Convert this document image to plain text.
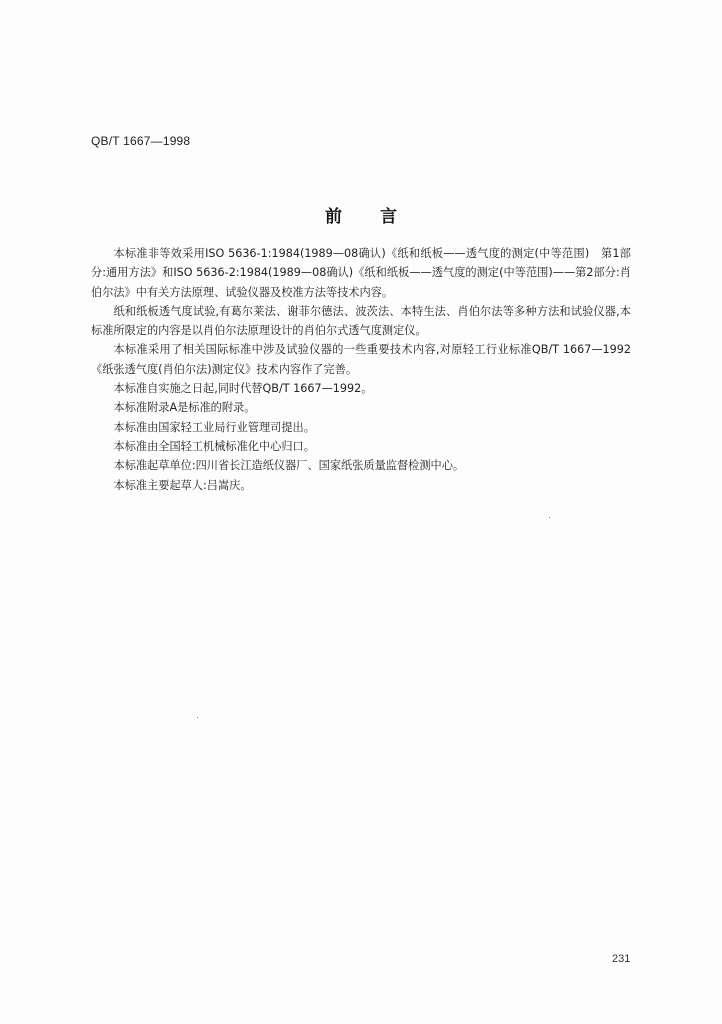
QB/T 1667—1998
前言

本标准非等效采用ISO 5636-1:1984(1989—08确认)《纸和纸板——透气度的测定(中等范围)　第1部分:通用方法》和ISO 5636-2:1984(1989—08确认)《纸和纸板——透气度的测定(中等范围)——第2部分:肖伯尔法》中有关方法原理、试验仪器及校准方法等技术内容。

纸和纸板透气度试验,有葛尔莱法、谢菲尔德法、波茨法、本特生法、肖伯尔法等多种方法和试验仪器,本标准所限定的内容是以肖伯尔法原理设计的肖伯尔式透气度测定仪。

本标准采用了相关国际标准中涉及试验仪器的一些重要技术内容,对原轻工行业标准QB/T 1667—1992《纸张透气度(肖伯尔法)测定仪》技术内容作了完善。

本标准自实施之日起,同时代替QB/T 1667—1992。

本标准附录A是标准的附录。

本标准由国家轻工业局行业管理司提出。

本标准由全国轻工机械标准化中心归口。

本标准起草单位:四川省长江造纸仪器厂、国家纸张质量监督检测中心。

本标准主要起草人:吕嵩庆。

231
